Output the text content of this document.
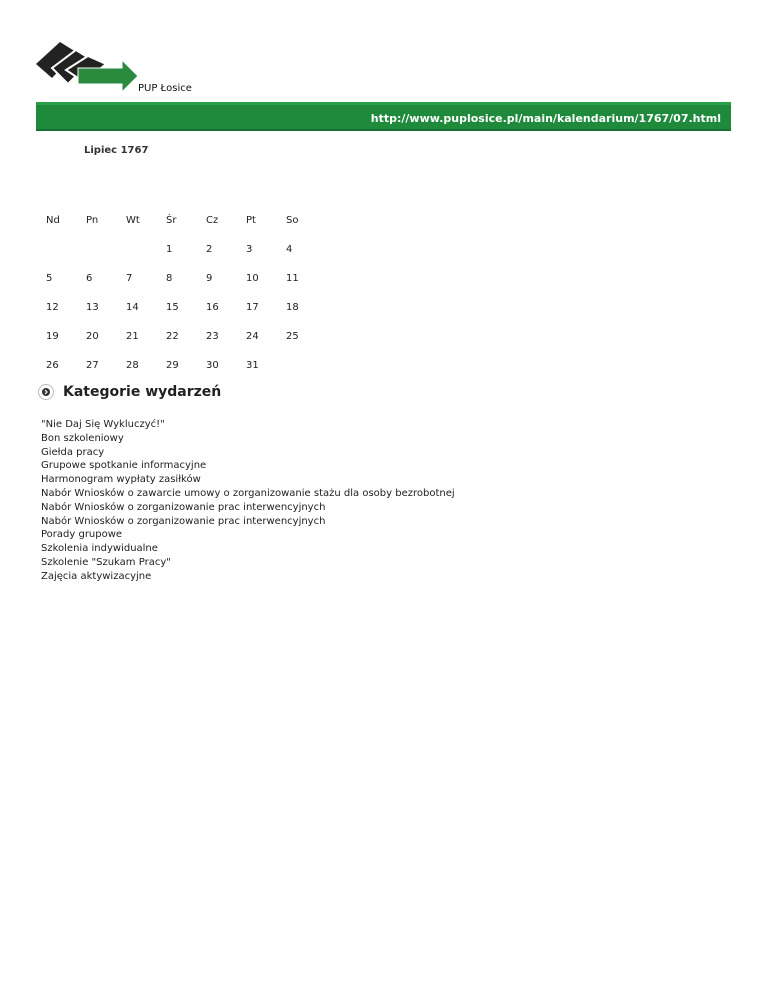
PUP Łosice
http://www.puplosice.pl/main/kalendarium/1767/07.html
Lipiec 1767
Nd	Pn	Wt	Śr	Cz	Pt	So
			1	2	3	4
5	6	7	8	9	10	11
12	13	14	15	16	17	18
19	20	21	22	23	24	25
26	27	28	29	30	31	
Kategorie wydarzeń
"Nie Daj Się Wykluczyć!"
Bon szkoleniowy
Giełda pracy
Grupowe spotkanie informacyjne
Harmonogram wypłaty zasiłków
Nabór Wniosków o zawarcie umowy o zorganizowanie stażu dla osoby bezrobotnej
Nabór Wniosków o zorganizowanie prac interwencyjnych
Nabór Wniosków o zorganizowanie prac interwencyjnych
Porady grupowe
Szkolenia indywidualne
Szkolenie "Szukam Pracy"
Zajęcia aktywizacyjne
